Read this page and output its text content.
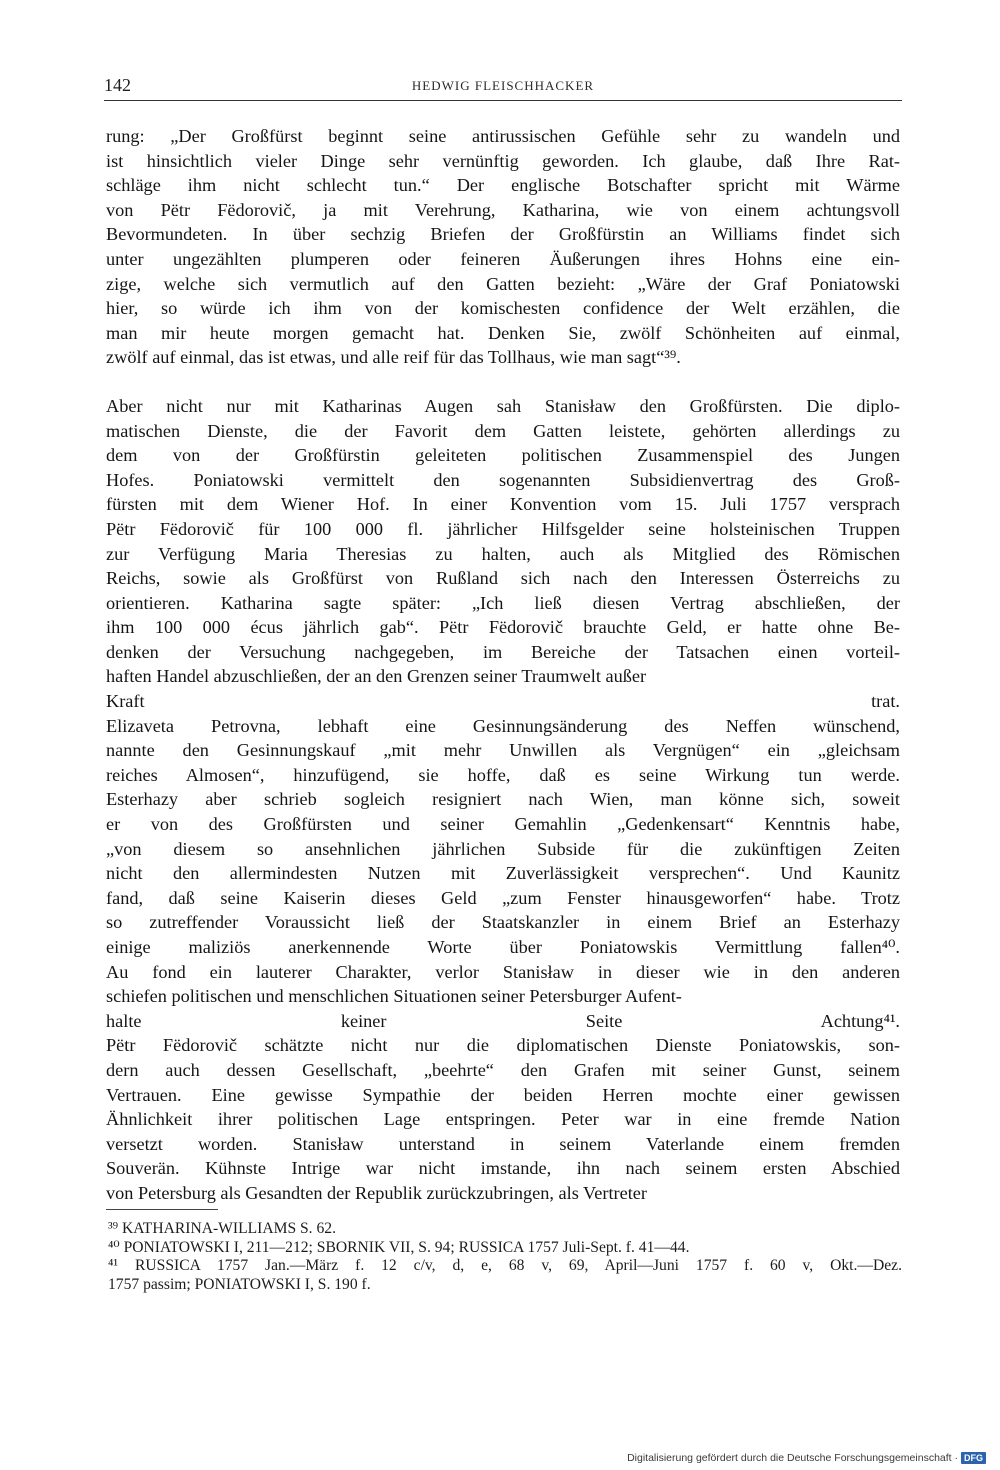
142	HEDWIG FLEISCHHACKER
rung: „Der Großfürst beginnt seine antirussischen Gefühle sehr zu wandeln und
ist hinsichtlich vieler Dinge sehr vernünftig geworden. Ich glaube, daß Ihre Rat-
schläge ihm nicht schlecht tun.“ Der englische Botschafter spricht mit Wärme
von Pëtr Fëdorovič, ja mit Verehrung, Katharina, wie von einem achtungsvoll
Bevormundeten. In über sechzig Briefen der Großfürstin an Williams findet sich
unter ungezählten plumperen oder feineren Äußerungen ihres Hohns eine ein-
zige, welche sich vermutlich auf den Gatten bezieht: „Wäre der Graf Poniatowski
hier, so würde ich ihm von der komischesten confidence der Welt erzählen, die
man mir heute morgen gemacht hat. Denken Sie, zwölf Schönheiten auf einmal,
zwölf auf einmal, das ist etwas, und alle reif für das Tollhaus, wie man sagt“³⁹.
Aber nicht nur mit Katharinas Augen sah Stanisław den Großfürsten. Die diplo-
matischen Dienste, die der Favorit dem Gatten leistete, gehörten allerdings zu
dem von der Großfürstin geleiteten politischen Zusammenspiel des Jungen
Hofes. Poniatowski vermittelt den sogenannten Subsidienvertrag des Groß-
fürsten mit dem Wiener Hof. In einer Konvention vom 15. Juli 1757 versprach
Pëtr Fëdorovič für 100 000 fl. jährlicher Hilfsgelder seine holsteinischen Truppen
zur Verfügung Maria Theresias zu halten, auch als Mitglied des Römischen
Reichs, sowie als Großfürst von Rußland sich nach den Interessen Österreichs zu
orientieren. Katharina sagte später: „Ich ließ diesen Vertrag abschließen, der
ihm 100 000 écus jährlich gab“. Pëtr Fëdorovič brauchte Geld, er hatte ohne Be-
denken der Versuchung nachgegeben, im Bereiche der Tatsachen einen vorteil-
haften Handel abzuschließen, der an den Grenzen seiner Traumwelt außer
Kraft trat.
Elizaveta Petrovna, lebhaft eine Gesinnungsänderung des Neffen wünschend,
nannte den Gesinnungskauf „mit mehr Unwillen als Vergnügen“ ein „gleichsam
reiches Almosen“, hinzufügend, sie hoffe, daß es seine Wirkung tun werde.
Esterhazy aber schrieb sogleich resigniert nach Wien, man könne sich, soweit
er von des Großfürsten und seiner Gemahlin „Gedenkensart“ Kenntnis habe,
„von diesem so ansehnlichen jährlichen Subside für die zukünftigen Zeiten
nicht den allermindesten Nutzen mit Zuverlässigkeit versprechen“. Und Kaunitz
fand, daß seine Kaiserin dieses Geld „zum Fenster hinausgeworfen“ habe. Trotz
so zutreffender Voraussicht ließ der Staatskanzler in einem Brief an Esterhazy
einige maliziös anerkennende Worte über Poniatowskis Vermittlung fallen⁴⁰.
Au fond ein lauterer Charakter, verlor Stanisław in dieser wie in den anderen
schiefen politischen und menschlichen Situationen seiner Petersburger Aufent-
halte keiner Seite Achtung⁴¹.
Pëtr Fëdorovič schätzte nicht nur die diplomatischen Dienste Poniatowskis, son-
dern auch dessen Gesellschaft, „beehrte“ den Grafen mit seiner Gunst, seinem
Vertrauen. Eine gewisse Sympathie der beiden Herren mochte einer gewissen
Ähnlichkeit ihrer politischen Lage entspringen. Peter war in eine fremde Nation
versetzt worden. Stanisław unterstand in seinem Vaterlande einem fremden
Souverän. Kühnste Intrige war nicht imstande, ihn nach seinem ersten Abschied
von Petersburg als Gesandten der Republik zurückzubringen, als Vertreter
³⁹ KATHARINA-WILLIAMS S. 62.
⁴⁰ PONIATOWSKI I, 211—212; SBORNIK VII, S. 94; RUSSICA 1757 Juli-Sept. f. 41—44.
⁴¹ RUSSICA 1757 Jan.—März f. 12 c/v, d, e, 68 v, 69, April—Juni 1757 f. 60 v, Okt.—Dez.
1757 passim; PONIATOWSKI I, S. 190 f.
Digitalisierung gefördert durch die Deutsche Forschungsgemeinschaft · DFG
